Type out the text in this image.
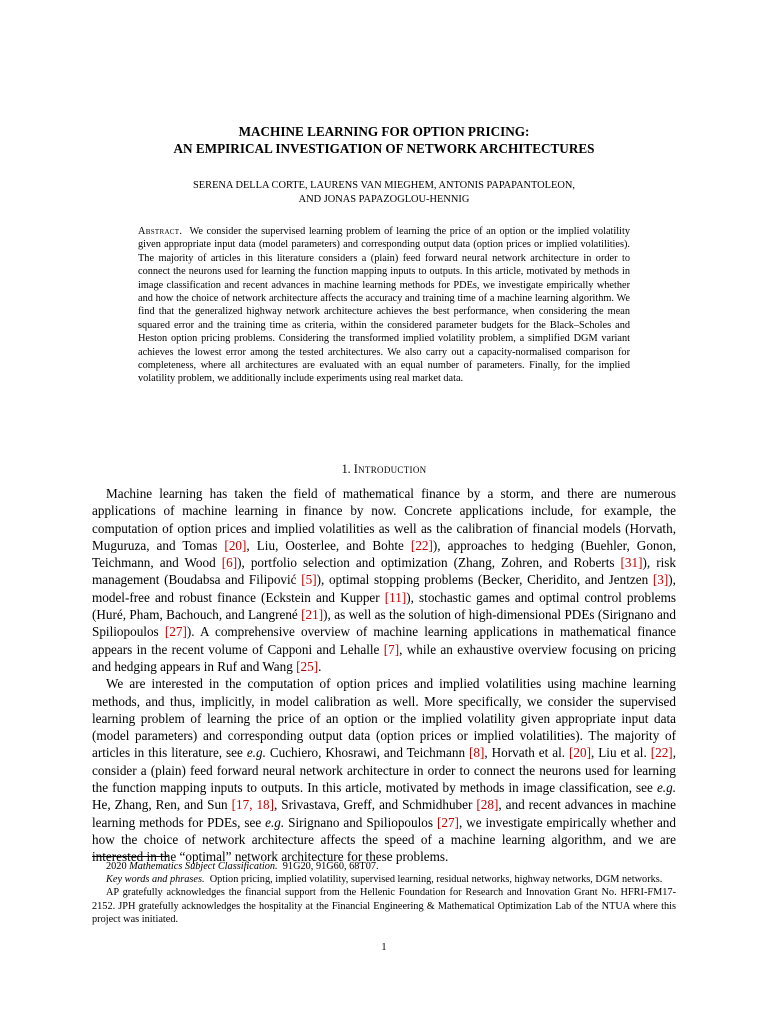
MACHINE LEARNING FOR OPTION PRICING:
AN EMPIRICAL INVESTIGATION OF NETWORK ARCHITECTURES
SERENA DELLA CORTE, LAURENS VAN MIEGHEM, ANTONIS PAPAPANTOLEON,
AND JONAS PAPAZOGLOU-HENNIG
Abstract. We consider the supervised learning problem of learning the price of an option or the implied volatility given appropriate input data (model parameters) and corresponding output data (option prices or implied volatilities). The majority of articles in this literature considers a (plain) feed forward neural network architecture in order to connect the neurons used for learning the function mapping inputs to outputs. In this article, motivated by methods in image classification and recent advances in machine learning methods for PDEs, we investigate empirically whether and how the choice of network architecture affects the accuracy and training time of a machine learning algorithm. We find that the generalized highway network architecture achieves the best performance, when considering the mean squared error and the training time as criteria, within the considered parameter budgets for the Black–Scholes and Heston option pricing problems. Considering the transformed implied volatility problem, a simplified DGM variant achieves the lowest error among the tested architectures. We also carry out a capacity-normalised comparison for completeness, where all architectures are evaluated with an equal number of parameters. Finally, for the implied volatility problem, we additionally include experiments using real market data.
1. Introduction

Machine learning has taken the field of mathematical finance by a storm, and there are numerous applications of machine learning in finance by now. Concrete applications include, for example, the computation of option prices and implied volatilities as well as the calibration of financial models (Horvath, Muguruza, and Tomas [20], Liu, Oosterlee, and Bohte [22]), approaches to hedging (Buehler, Gonon, Teichmann, and Wood [6]), portfolio selection and optimization (Zhang, Zohren, and Roberts [31]), risk management (Boudabsa and Filipović [5]), optimal stopping problems (Becker, Cheridito, and Jentzen [3]), model-free and robust finance (Eckstein and Kupper [11]), stochastic games and optimal control problems (Huré, Pham, Bachouch, and Langrené [21]), as well as the solution of high-dimensional PDEs (Sirignano and Spiliopoulos [27]). A comprehensive overview of machine learning applications in mathematical finance appears in the recent volume of Capponi and Lehalle [7], while an exhaustive overview focusing on pricing and hedging appears in Ruf and Wang [25].

We are interested in the computation of option prices and implied volatilities using machine learning methods, and thus, implicitly, in model calibration as well. More specifically, we consider the supervised learning problem of learning the price of an option or the implied volatility given appropriate input data (model parameters) and corresponding output data (option prices or implied volatilities). The majority of articles in this literature, see e.g. Cuchiero, Khosrawi, and Teichmann [8], Horvath et al. [20], Liu et al. [22], consider a (plain) feed forward neural network architecture in order to connect the neurons used for learning the function mapping inputs to outputs. In this article, motivated by methods in image classification, see e.g. He, Zhang, Ren, and Sun [17, 18], Srivastava, Greff, and Schmidhuber [28], and recent advances in machine learning methods for PDEs, see e.g. Sirignano and Spiliopoulos [27], we investigate empirically whether and how the choice of network architecture affects the speed of a machine learning algorithm, and we are interested in the “optimal” network architecture for these problems.

2020 Mathematics Subject Classification. 91G20, 91G60, 68T07.

Key words and phrases. Option pricing, implied volatility, supervised learning, residual networks, highway networks, DGM networks.

AP gratefully acknowledges the financial support from the Hellenic Foundation for Research and Innovation Grant No. HFRI-FM17-2152. JPH gratefully acknowledges the hospitality at the Financial Engineering & Mathematical Optimization Lab of the NTUA where this project was initiated.

1
